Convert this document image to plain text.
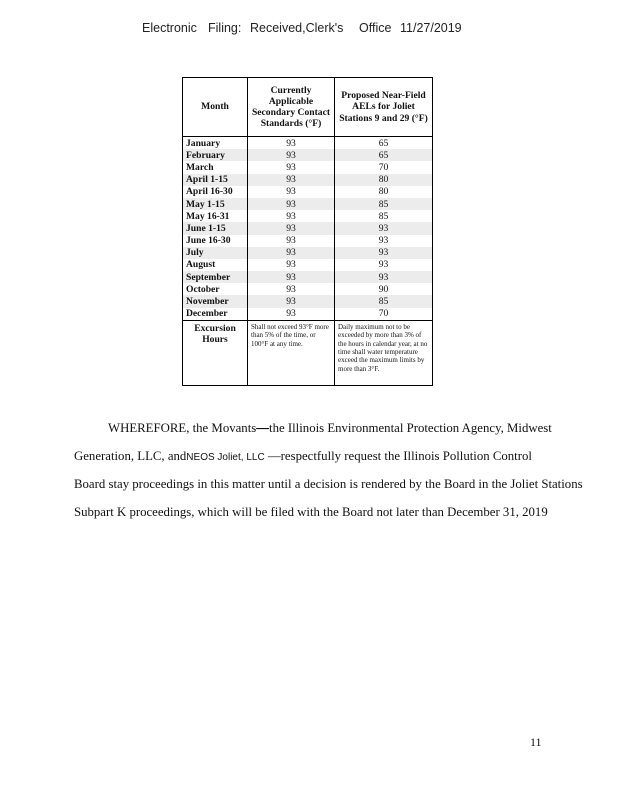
Electronic Filing: Received,Clerk's Office 11/27/2019
Month	Currently Applicable Secondary Contact Standards (°F)	Proposed Near-Field AELs for Joliet Stations 9 and 29 (°F)
January	93	65
February	93	65
March	93	70
April 1-15	93	80
April 16-30	93	80
May 1-15	93	85
May 16-31	93	85
June 1-15	93	93
June 16-30	93	93
July	93	93
August	93	93
September	93	93
October	93	90
November	93	85
December	93	70
Excursion Hours	Shall not exceed 93°F more than 5% of the time, or 100°F at any time.	Daily maximum not to be exceeded by more than 3% of the hours in calendar year, at no time shall water temperature exceed the maximum limits by more than 3°F.
WHEREFORE, the Movants—the Illinois Environmental Protection Agency, Midwest
Generation, LLC, andNEOS Joliet, LLC —respectfully request the Illinois Pollution Control
Board stay proceedings in this matter until a decision is rendered by the Board in the Joliet Stations
Subpart K proceedings, which will be filed with the Board not later than December 31, 2019
11
